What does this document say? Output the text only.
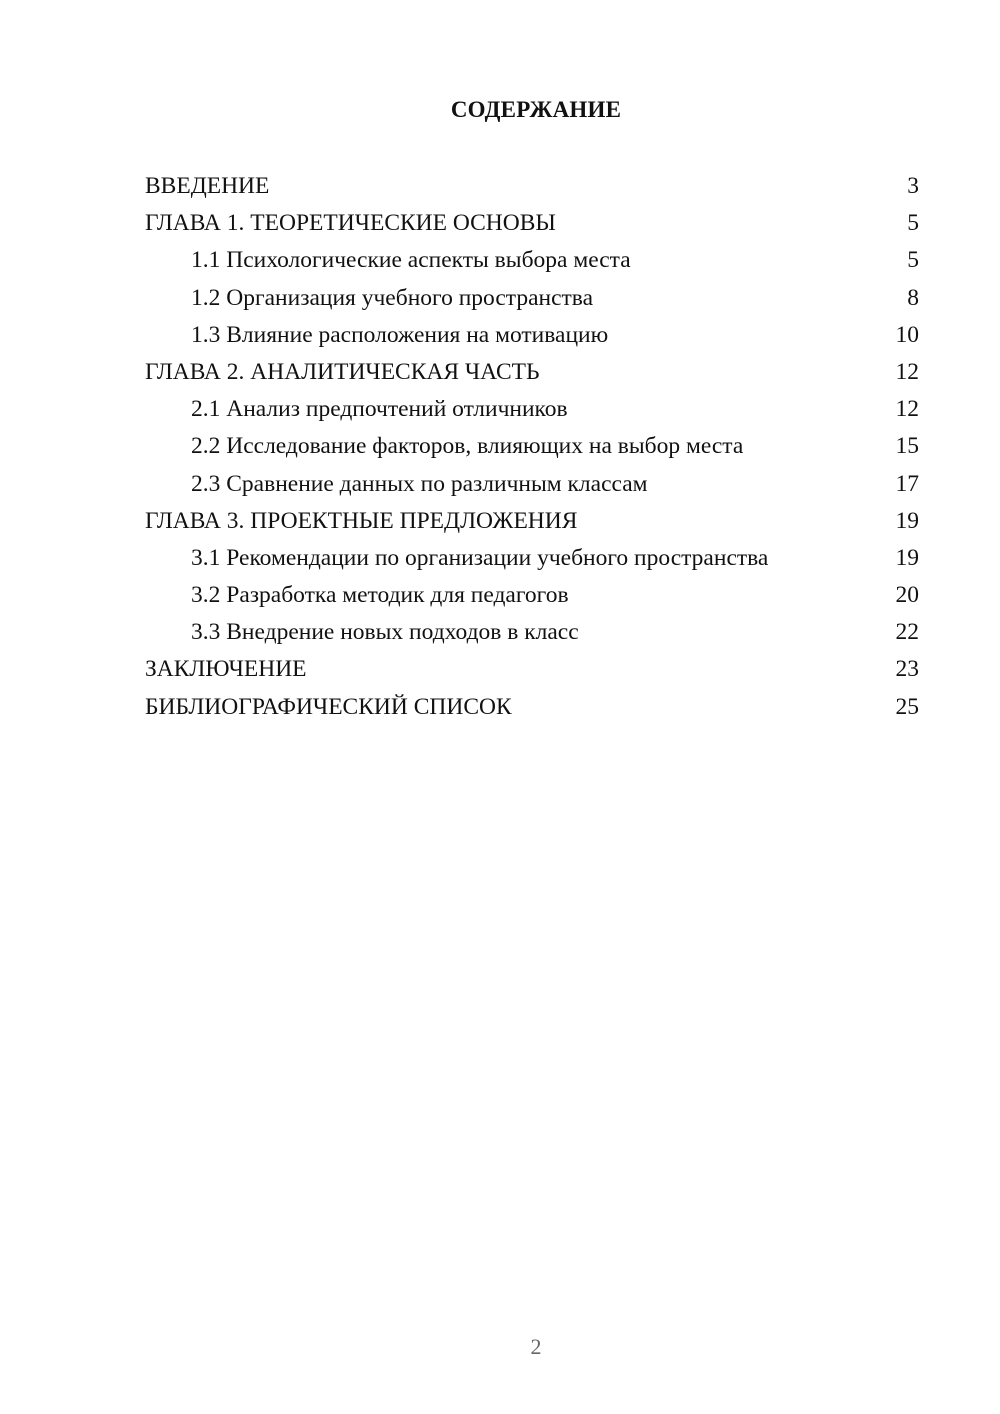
СОДЕРЖАНИЕ
ВВЕДЕНИЕ	3
ГЛАВА 1. ТЕОРЕТИЧЕСКИЕ ОСНОВЫ	5
1.1 Психологические аспекты выбора места	5
1.2 Организация учебного пространства	8
1.3 Влияние расположения на мотивацию	10
ГЛАВА 2. АНАЛИТИЧЕСКАЯ ЧАСТЬ	12
2.1 Анализ предпочтений отличников	12
2.2 Исследование факторов, влияющих на выбор места	15
2.3 Сравнение данных по различным классам	17
ГЛАВА 3. ПРОЕКТНЫЕ ПРЕДЛОЖЕНИЯ	19
3.1 Рекомендации по организации учебного пространства	19
3.2 Разработка методик для педагогов	20
3.3 Внедрение новых подходов в класс	22
ЗАКЛЮЧЕНИЕ	23
БИБЛИОГРАФИЧЕСКИЙ СПИСОК	25
2
